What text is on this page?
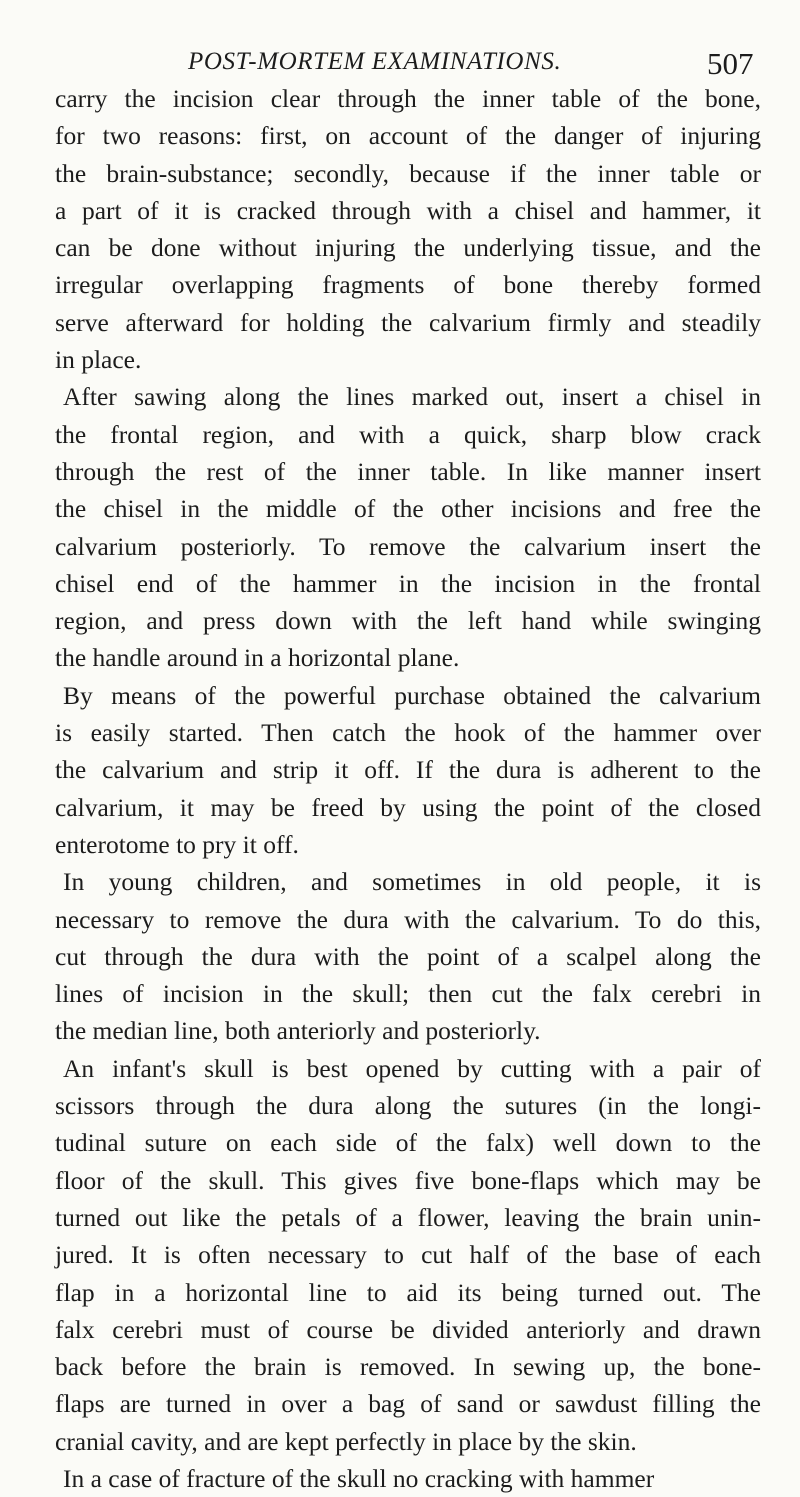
POST-MORTEM EXAMINATIONS.	507
carry the incision clear through the inner table of the bone,
for two reasons: first, on account of the danger of injuring
the brain-substance; secondly, because if the inner table or
a part of it is cracked through with a chisel and hammer, it
can be done without injuring the underlying tissue, and the
irregular overlapping fragments of bone thereby formed
serve afterward for holding the calvarium firmly and steadily
in place.
After sawing along the lines marked out, insert a chisel in
the frontal region, and with a quick, sharp blow crack
through the rest of the inner table. In like manner insert
the chisel in the middle of the other incisions and free the
calvarium posteriorly. To remove the calvarium insert the
chisel end of the hammer in the incision in the frontal
region, and press down with the left hand while swinging
the handle around in a horizontal plane.
By means of the powerful purchase obtained the calvarium
is easily started. Then catch the hook of the hammer over
the calvarium and strip it off. If the dura is adherent to the
calvarium, it may be freed by using the point of the closed
enterotome to pry it off.
In young children, and sometimes in old people, it is
necessary to remove the dura with the calvarium. To do this,
cut through the dura with the point of a scalpel along the
lines of incision in the skull; then cut the falx cerebri in
the median line, both anteriorly and posteriorly.
An infant's skull is best opened by cutting with a pair of
scissors through the dura along the sutures (in the longi-
tudinal suture on each side of the falx) well down to the
floor of the skull. This gives five bone-flaps which may be
turned out like the petals of a flower, leaving the brain unin-
jured. It is often necessary to cut half of the base of each
flap in a horizontal line to aid its being turned out. The
falx cerebri must of course be divided anteriorly and drawn
back before the brain is removed. In sewing up, the bone-
flaps are turned in over a bag of sand or sawdust filling the
cranial cavity, and are kept perfectly in place by the skin.
In a case of fracture of the skull no cracking with hammer
